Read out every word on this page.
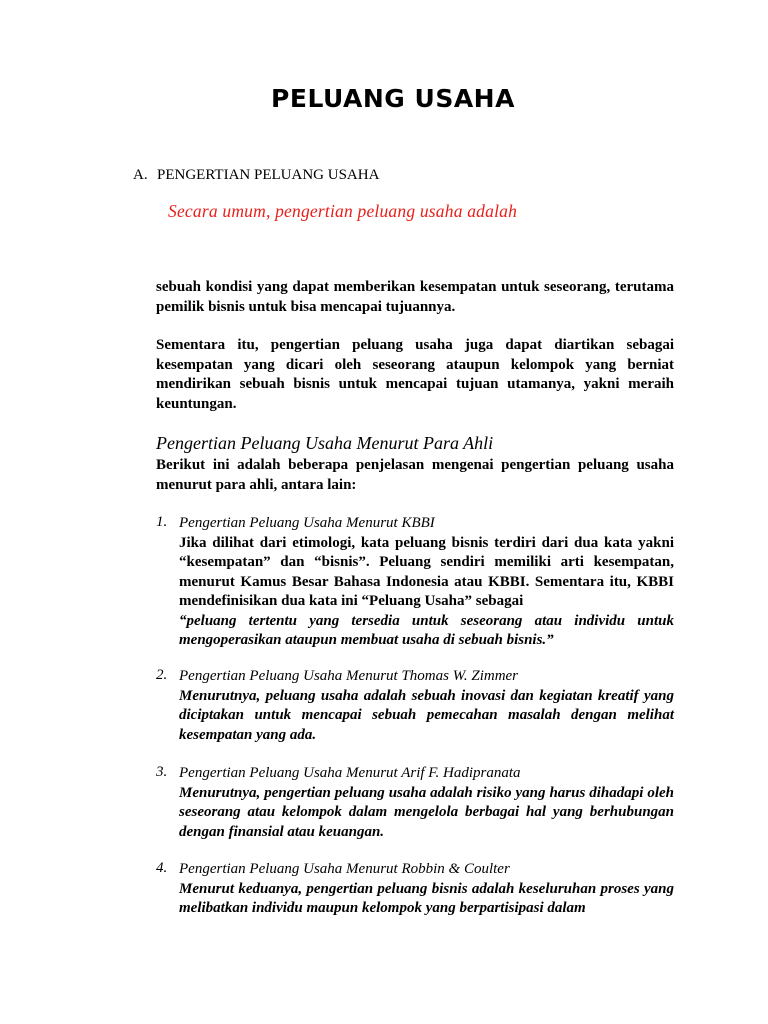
PELUANG USAHA
A. PENGERTIAN PELUANG USAHA
Secara umum, pengertian peluang usaha adalah
sebuah kondisi yang dapat memberikan kesempatan untuk seseorang, terutama pemilik bisnis untuk bisa mencapai tujuannya.
Sementara itu, pengertian peluang usaha juga dapat diartikan sebagai kesempatan yang dicari oleh seseorang ataupun kelompok yang berniat mendirikan sebuah bisnis untuk mencapai tujuan utamanya, yakni meraih keuntungan.
Pengertian Peluang Usaha Menurut Para Ahli
Berikut ini adalah beberapa penjelasan mengenai pengertian peluang usaha menurut para ahli, antara lain:
1. Pengertian Peluang Usaha Menurut KBBI
Jika dilihat dari etimologi, kata peluang bisnis terdiri dari dua kata yakni “kesempatan” dan “bisnis”. Peluang sendiri memiliki arti kesempatan, menurut Kamus Besar Bahasa Indonesia atau KBBI. Sementara itu, KBBI mendefinisikan dua kata ini “Peluang Usaha” sebagai
“peluang tertentu yang tersedia untuk seseorang atau individu untuk mengoperasikan ataupun membuat usaha di sebuah bisnis.”
2. Pengertian Peluang Usaha Menurut Thomas W. Zimmer
Menurutnya, peluang usaha adalah sebuah inovasi dan kegiatan kreatif yang diciptakan untuk mencapai sebuah pemecahan masalah dengan melihat kesempatan yang ada.
3. Pengertian Peluang Usaha Menurut Arif F. Hadipranata
Menurutnya, pengertian peluang usaha adalah risiko yang harus dihadapi oleh seseorang atau kelompok dalam mengelola berbagai hal yang berhubungan dengan finansial atau keuangan.
4. Pengertian Peluang Usaha Menurut Robbin & Coulter
Menurut keduanya, pengertian peluang bisnis adalah keseluruhan proses yang melibatkan individu maupun kelompok yang berpartisipasi dalam
